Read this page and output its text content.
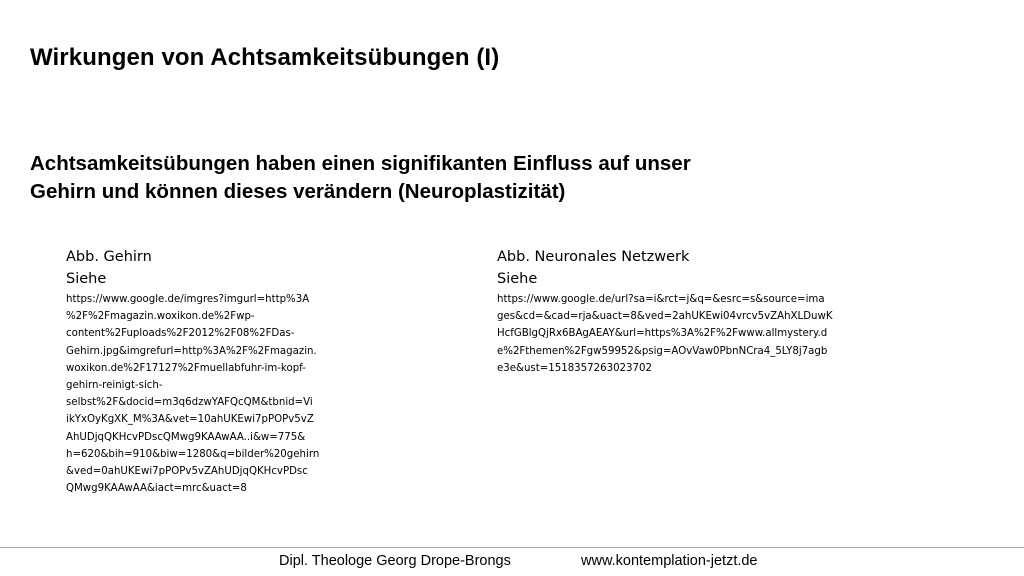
Wirkungen von Achtsamkeitsübungen (I)
Achtsamkeitsübungen haben einen signifikanten Einfluss auf unser
Gehirn und können dieses verändern (Neuroplastizität)
Abb. Gehirn
Siehe
https://www.google.de/imgres?imgurl=http%3A
%2F%2Fmagazin.woxikon.de%2Fwp-
content%2Fuploads%2F2012%2F08%2FDas-
Gehirn.jpg&imgrefurl=http%3A%2F%2Fmagazin.
woxikon.de%2F17127%2Fmuellabfuhr-im-kopf-
gehirn-reinigt-sich-
selbst%2F&docid=m3q6dzwYAFQcQM&tbnid=Vi
ikYxOyKgXK_M%3A&vet=10ahUKEwi7pPOPv5vZ
AhUDjqQKHcvPDscQMwg9KAAwAA..i&w=775&
h=620&bih=910&biw=1280&q=bilder%20gehirn
&ved=0ahUKEwi7pPOPv5vZAhUDjqQKHcvPDsc
QMwg9KAAwAA&iact=mrc&uact=8
Abb. Neuronales Netzwerk
Siehe
https://www.google.de/url?sa=i&rct=j&q=&esrc=s&source=ima
ges&cd=&cad=rja&uact=8&ved=2ahUKEwi04vrcv5vZAhXLDuwK
HcfGBlgQjRx6BAgAEAY&url=https%3A%2F%2Fwww.allmystery.d
e%2Fthemen%2Fgw59952&psig=AOvVaw0PbnNCra4_5LY8j7agb
e3e&ust=1518357263023702
Dipl. Theologe Georg Drope-Brongs	www.kontemplation-jetzt.de
